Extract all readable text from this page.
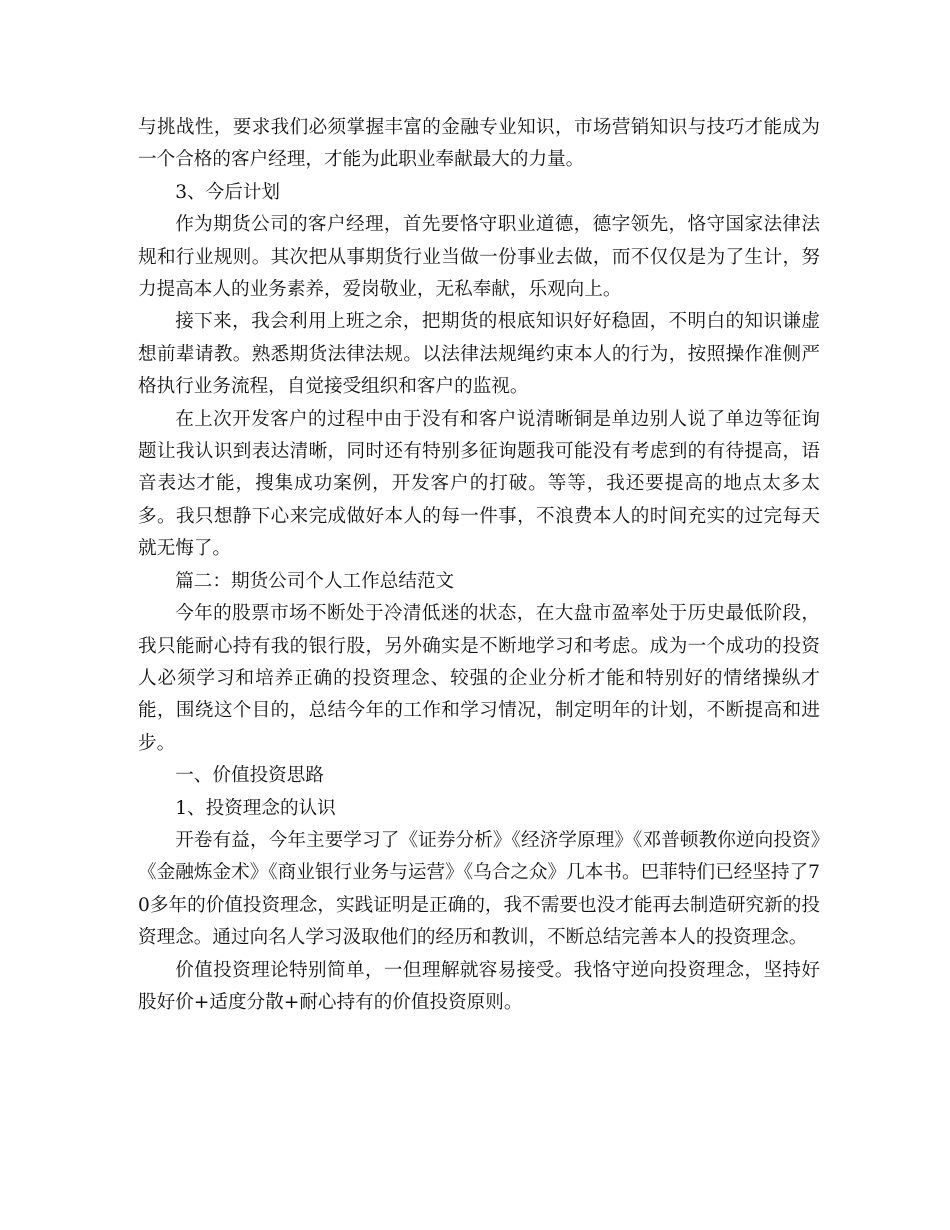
与挑战性，要求我们必须掌握丰富的金融专业知识，市场营销知识与技巧才能成为一个合格的客户经理，才能为此职业奉献最大的力量。

3、今后计划

作为期货公司的客户经理，首先要恪守职业道德，德字领先，恪守国家法律法规和行业规则。其次把从事期货行业当做一份事业去做，而不仅仅是为了生计，努力提高本人的业务素养，爱岗敬业，无私奉献，乐观向上。

接下来，我会利用上班之余，把期货的根底知识好好稳固，不明白的知识谦虚想前辈请教。熟悉期货法律法规。以法律法规绳约束本人的行为，按照操作准侧严格执行业务流程，自觉接受组织和客户的监视。

在上次开发客户的过程中由于没有和客户说清晰铜是单边别人说了单边等征询题让我认识到表达清晰，同时还有特别多征询题我可能没有考虑到的有待提高，语音表达才能，搜集成功案例，开发客户的打破。等等，我还要提高的地点太多太多。我只想静下心来完成做好本人的每一件事，不浪费本人的时间充实的过完每天就无悔了。

篇二：期货公司个人工作总结范文

今年的股票市场不断处于冷清低迷的状态，在大盘市盈率处于历史最低阶段，我只能耐心持有我的银行股，另外确实是不断地学习和考虑。成为一个成功的投资人必须学习和培养正确的投资理念、较强的企业分析才能和特别好的情绪操纵才能，围绕这个目的，总结今年的工作和学习情况，制定明年的计划，不断提高和进步。

一、价值投资思路

1、投资理念的认识

开卷有益，今年主要学习了《证券分析》《经济学原理》《邓普顿教你逆向投资》《金融炼金术》《商业银行业务与运营》《乌合之众》几本书。巴菲特们已经坚持了70多年的价值投资理念，实践证明是正确的，我不需要也没才能再去制造研究新的投资理念。通过向名人学习汲取他们的经历和教训，不断总结完善本人的投资理念。

价值投资理论特别简单，一但理解就容易接受。我恪守逆向投资理念，坚持好股好价+适度分散+耐心持有的价值投资原则。
